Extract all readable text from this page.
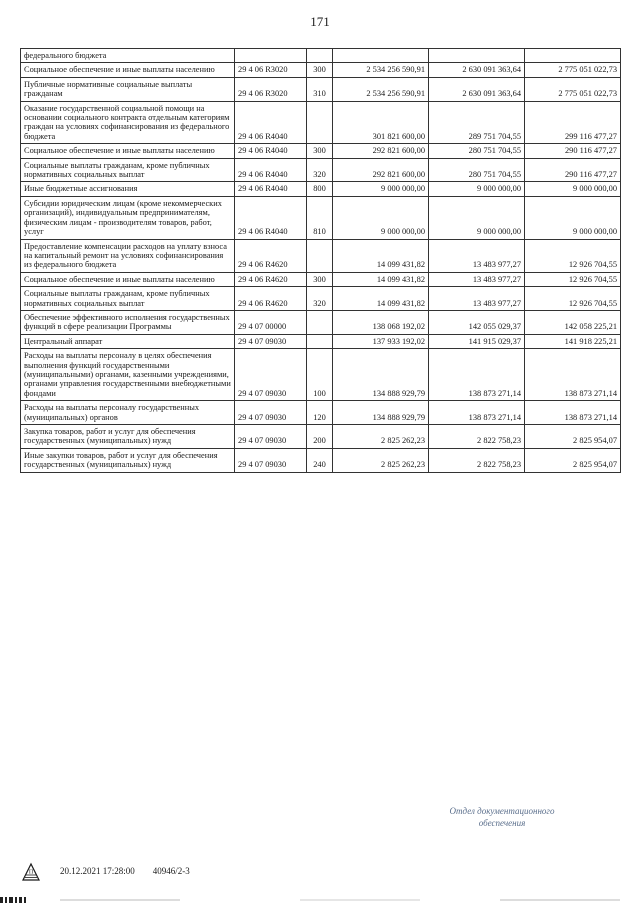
171
федерального бюджета					
Социальное обеспечение и иные выплаты населению	29 4 06 R3020	300	2 534 256 590,91	2 630 091 363,64	2 775 051 022,73
Публичные нормативные социальные выплаты гражданам	29 4 06 R3020	310	2 534 256 590,91	2 630 091 363,64	2 775 051 022,73
Оказание государственной социальной помощи на основании социального контракта отдельным категориям граждан на условиях софинансирования из федерального бюджета	29 4 06 R4040		301 821 600,00	289 751 704,55	299 116 477,27
Социальное обеспечение и иные выплаты населению	29 4 06 R4040	300	292 821 600,00	280 751 704,55	290 116 477,27
Социальные выплаты гражданам, кроме публичных нормативных социальных выплат	29 4 06 R4040	320	292 821 600,00	280 751 704,55	290 116 477,27
Иные бюджетные ассигнования	29 4 06 R4040	800	9 000 000,00	9 000 000,00	9 000 000,00
Субсидии юридическим лицам (кроме некоммерческих организаций), индивидуальным предпринимателям, физическим лицам - производителям товаров, работ, услуг	29 4 06 R4040	810	9 000 000,00	9 000 000,00	9 000 000,00
Предоставление компенсации расходов на уплату взноса на капитальный ремонт на условиях софинансирования из федерального бюджета	29 4 06 R4620		14 099 431,82	13 483 977,27	12 926 704,55
Социальное обеспечение и иные выплаты населению	29 4 06 R4620	300	14 099 431,82	13 483 977,27	12 926 704,55
Социальные выплаты гражданам, кроме публичных нормативных социальных выплат	29 4 06 R4620	320	14 099 431,82	13 483 977,27	12 926 704,55
Обеспечение эффективного исполнения государственных функций в сфере реализации Программы	29 4 07 00000		138 068 192,02	142 055 029,37	142 058 225,21
Центральный аппарат	29 4 07 09030		137 933 192,02	141 915 029,37	141 918 225,21
Расходы на выплаты персоналу в целях обеспечения выполнения функций государственными (муниципальными) органами, казенными учреждениями, органами управления государственными внебюджетными фондами	29 4 07 09030	100	134 888 929,79	138 873 271,14	138 873 271,14
Расходы на выплаты персоналу государственных (муниципальных) органов	29 4 07 09030	120	134 888 929,79	138 873 271,14	138 873 271,14
Закупка товаров, работ и услуг для обеспечения государственных (муниципальных) нужд	29 4 07 09030	200	2 825 262,23	2 822 758,23	2 825 954,07
Иные закупки товаров, работ и услуг для обеспечения государственных (муниципальных) нужд	29 4 07 09030	240	2 825 262,23	2 822 758,23	2 825 954,07
Отдел документационного
обеспечения
П	20.12.2021 17:28:00 40946/2-3
